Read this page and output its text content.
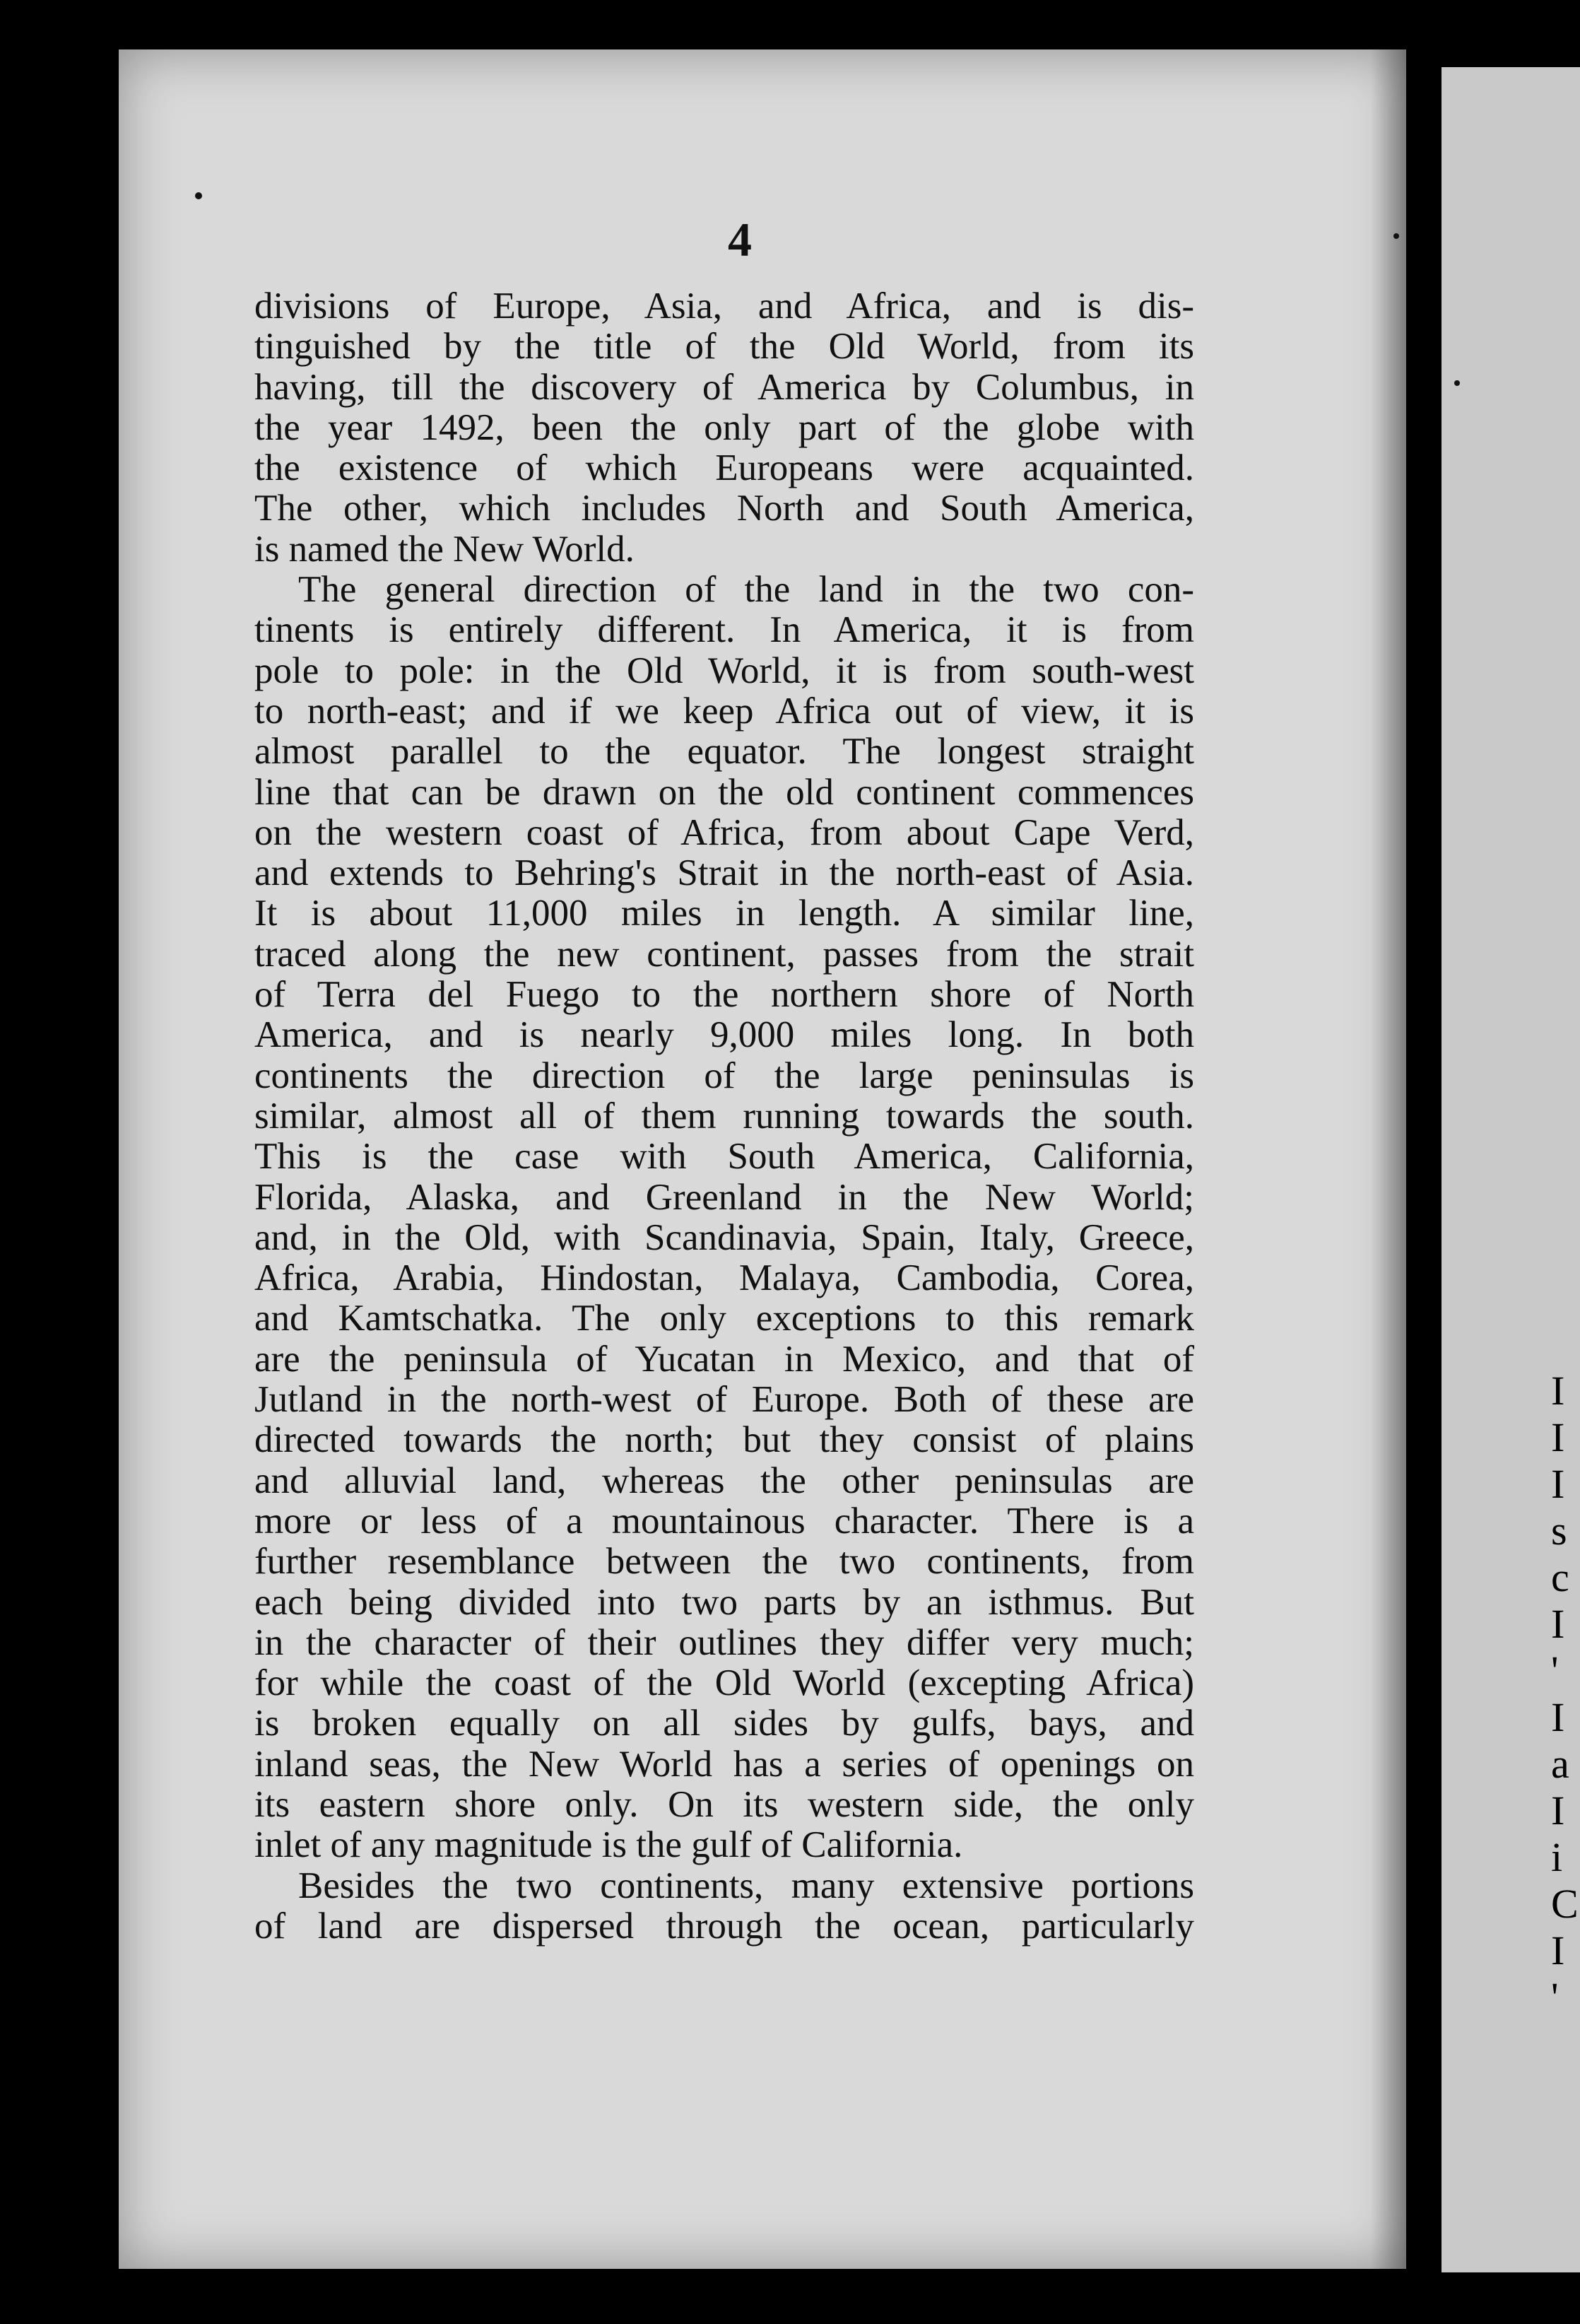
I
I
I
s
c
I
'
I
a
I
i
C
I
'
4
divisions of Europe, Asia, and Africa, and is dis-
tinguished by the title of the Old World, from its
having, till the discovery of America by Columbus, in
the year 1492, been the only part of the globe with
the existence of which Europeans were acquainted.
The other, which includes North and South America,
is named the New World.
The general direction of the land in the two con-
tinents is entirely different. In America, it is from
pole to pole: in the Old World, it is from south-west
to north-east; and if we keep Africa out of view, it is
almost parallel to the equator. The longest straight
line that can be drawn on the old continent commences
on the western coast of Africa, from about Cape Verd,
and extends to Behring's Strait in the north-east of Asia.
It is about 11,000 miles in length. A similar line,
traced along the new continent, passes from the strait
of Terra del Fuego to the northern shore of North
America, and is nearly 9,000 miles long. In both
continents the direction of the large peninsulas is
similar, almost all of them running towards the south.
This is the case with South America, California,
Florida, Alaska, and Greenland in the New World;
and, in the Old, with Scandinavia, Spain, Italy, Greece,
Africa, Arabia, Hindostan, Malaya, Cambodia, Corea,
and Kamtschatka. The only exceptions to this remark
are the peninsula of Yucatan in Mexico, and that of
Jutland in the north-west of Europe. Both of these are
directed towards the north; but they consist of plains
and alluvial land, whereas the other peninsulas are
more or less of a mountainous character. There is a
further resemblance between the two continents, from
each being divided into two parts by an isthmus. But
in the character of their outlines they differ very much;
for while the coast of the Old World (excepting Africa)
is broken equally on all sides by gulfs, bays, and
inland seas, the New World has a series of openings on
its eastern shore only. On its western side, the only
inlet of any magnitude is the gulf of California.
Besides the two continents, many extensive portions
of land are dispersed through the ocean, particularly
